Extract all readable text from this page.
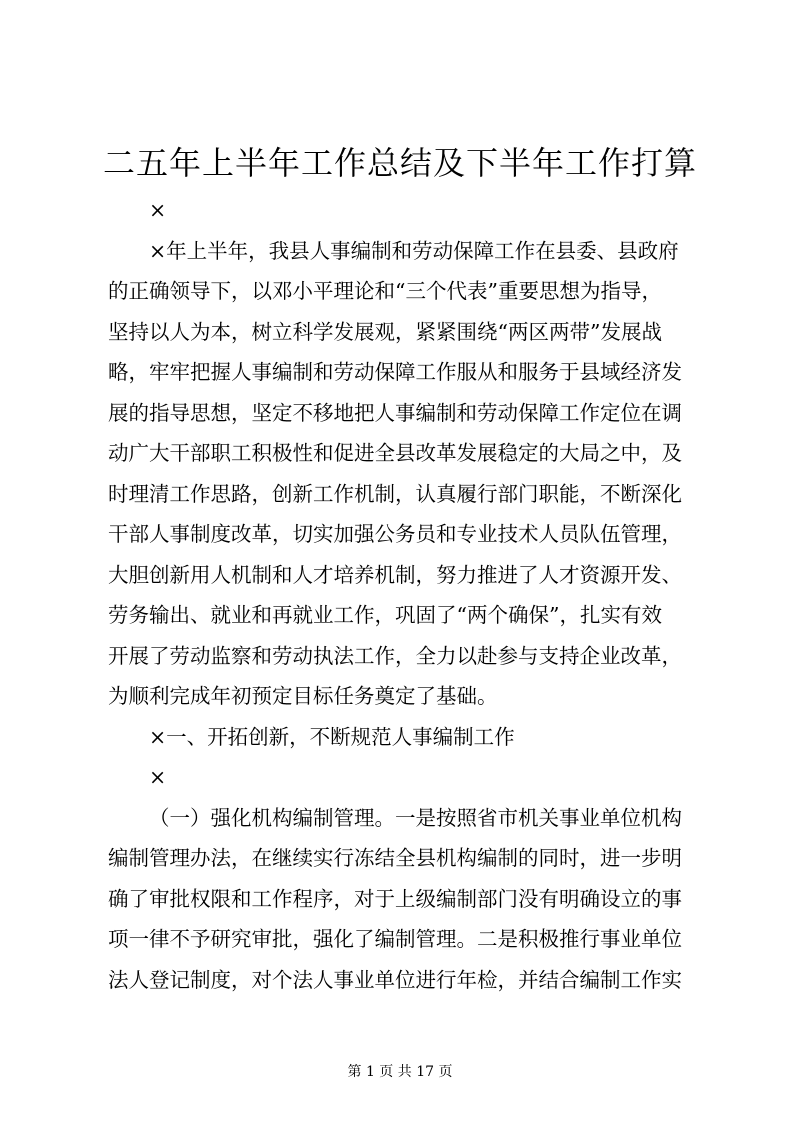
二五年上半年工作总结及下半年工作打算
×
×年上半年，我县人事编制和劳动保障工作在县委、县政府
的正确领导下，以邓小平理论和“三个代表”重要思想为指导，
坚持以人为本，树立科学发展观，紧紧围绕“两区两带”发展战
略，牢牢把握人事编制和劳动保障工作服从和服务于县域经济发
展的指导思想，坚定不移地把人事编制和劳动保障工作定位在调
动广大干部职工积极性和促进全县改革发展稳定的大局之中，及
时理清工作思路，创新工作机制，认真履行部门职能，不断深化
干部人事制度改革，切实加强公务员和专业技术人员队伍管理，
大胆创新用人机制和人才培养机制，努力推进了人才资源开发、
劳务输出、就业和再就业工作，巩固了“两个确保”，扎实有效
开展了劳动监察和劳动执法工作，全力以赴参与支持企业改革，
为顺利完成年初预定目标任务奠定了基础。
×一、开拓创新，不断规范人事编制工作
×
（一）强化机构编制管理。一是按照省市机关事业单位机构
编制管理办法，在继续实行冻结全县机构编制的同时，进一步明
确了审批权限和工作程序，对于上级编制部门没有明确设立的事
项一律不予研究审批，强化了编制管理。二是积极推行事业单位
法人登记制度，对个法人事业单位进行年检，并结合编制工作实
第 1 页 共 17 页
